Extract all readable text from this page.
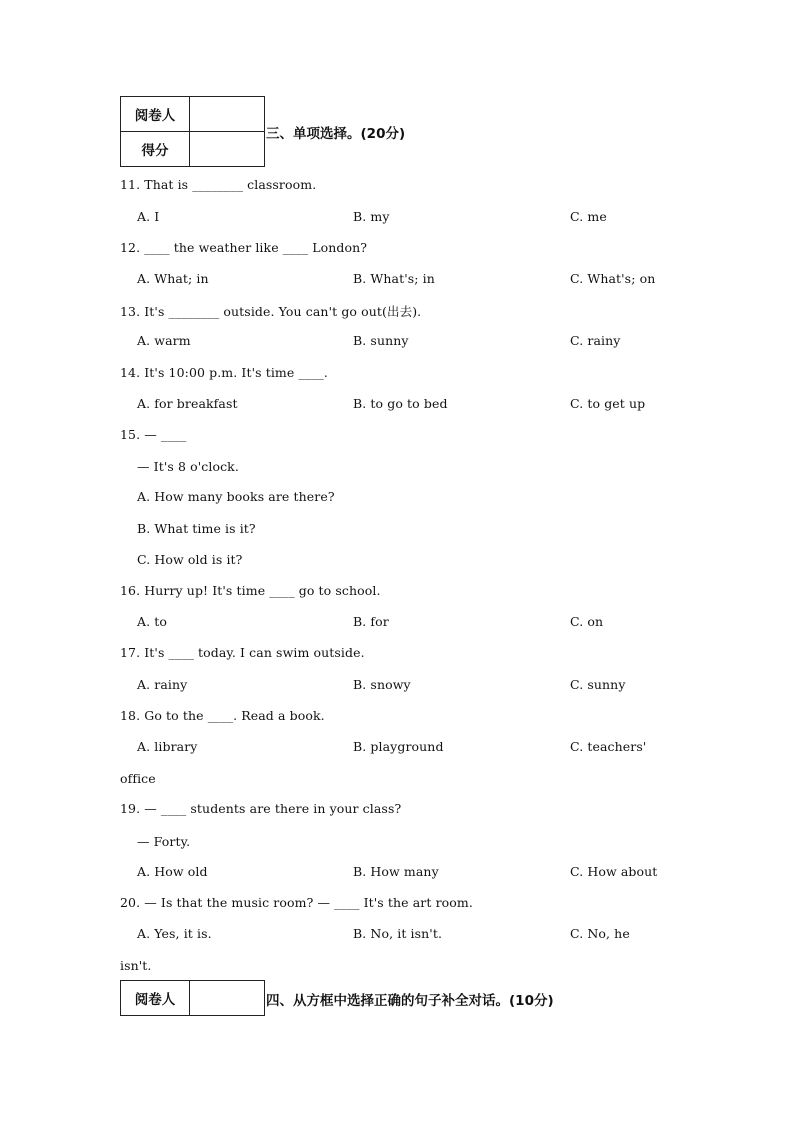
阅卷人	
得分	
三、单项选择。(20分)
11. That is ________ classroom.
A. I	B. my	C. me
12. ____ the weather like ____ London?
A. What; in	B. What's; in	C. What's; on
13. It's ________ outside. You can't go out(出去).
A. warm	B. sunny	C. rainy
14. It's 10:00 p.m. It's time ____.
A. for breakfast	B. to go to bed	C. to get up
15. — ____
— It's 8 o'clock.
A. How many books are there?
B. What time is it?
C. How old is it?
16. Hurry up! It's time ____ go to school.
A. to	B. for	C. on
17. It's ____ today. I can swim outside.
A. rainy	B. snowy	C. sunny
18. Go to the ____. Read a book.
A. library	B. playground	C. teachers'
office
19. — ____ students are there in your class?
— Forty.
A. How old	B. How many	C. How about
20. — Is that the music room? — ____ It's the art room.
A. Yes, it is.	B. No, it isn't.	C. No, he
isn't.
阅卷人		四、从方框中选择正确的句子补全对话。(10分)
